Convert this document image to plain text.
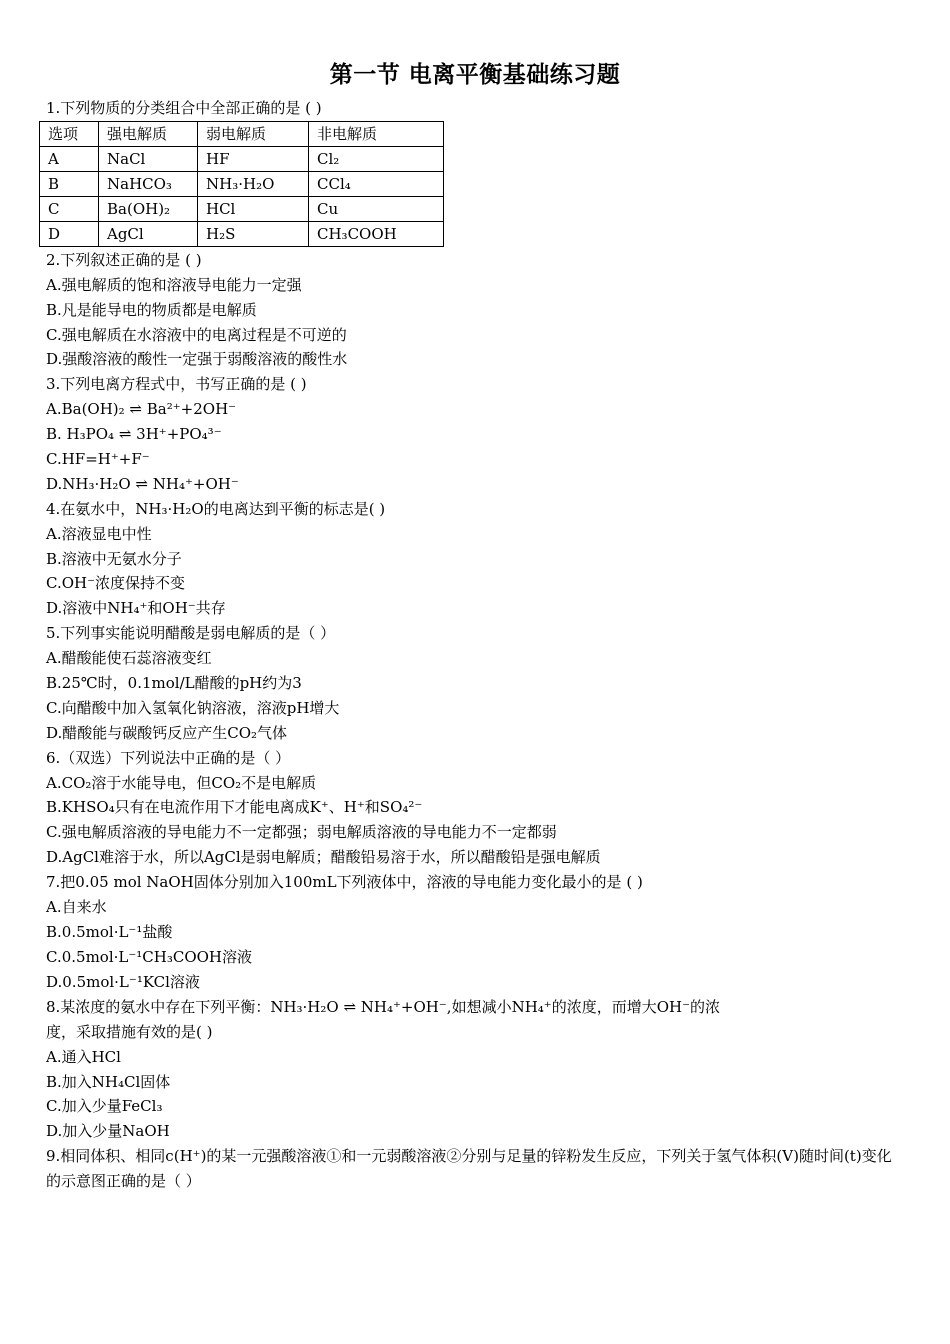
第一节 电离平衡基础练习题
1.下列物质的分类组合中全部正确的是 ( )
选项	强电解质	弱电解质	非电解质
A	NaCl	HF	Cl₂
B	NaHCO₃	NH₃·H₂O	CCl₄
C	Ba(OH)₂	HCl	Cu
D	AgCl	H₂S	CH₃COOH
2.下列叙述正确的是 ( )
A.强电解质的饱和溶液导电能力一定强
B.凡是能导电的物质都是电解质
C.强电解质在水溶液中的电离过程是不可逆的
D.强酸溶液的酸性一定强于弱酸溶液的酸性水
3.下列电离方程式中，书写正确的是 ( )
A.Ba(OH)₂ ⇌ Ba²⁺+2OH⁻
B. H₃PO₄ ⇌ 3H⁺+PO₄³⁻
C.HF=H⁺+F⁻
D.NH₃·H₂O ⇌ NH₄⁺+OH⁻
4.在氨水中，NH₃·H₂O的电离达到平衡的标志是( )
A.溶液显电中性
B.溶液中无氨水分子
C.OH⁻浓度保持不变
D.溶液中NH₄⁺和OH⁻共存
5.下列事实能说明醋酸是弱电解质的是（ ）
A.醋酸能使石蕊溶液变红
B.25℃时，0.1mol/L醋酸的pH约为3
C.向醋酸中加入氢氧化钠溶液，溶液pH增大
D.醋酸能与碳酸钙反应产生CO₂气体
6.（双选）下列说法中正确的是（ ）
A.CO₂溶于水能导电，但CO₂不是电解质
B.KHSO₄只有在电流作用下才能电离成K⁺、H⁺和SO₄²⁻
C.强电解质溶液的导电能力不一定都强；弱电解质溶液的导电能力不一定都弱
D.AgCl难溶于水，所以AgCl是弱电解质；醋酸铅易溶于水，所以醋酸铅是强电解质
7.把0.05 mol NaOH固体分别加入100mL下列液体中，溶液的导电能力变化最小的是 ( )
A.自来水
B.0.5mol·L⁻¹盐酸
C.0.5mol·L⁻¹CH₃COOH溶液
D.0.5mol·L⁻¹KCl溶液
8.某浓度的氨水中存在下列平衡：NH₃·H₂O ⇌ NH₄⁺+OH⁻,如想减小NH₄⁺的浓度，而增大OH⁻的浓度，采取措施有效的是( )
A.通入HCl
B.加入NH₄Cl固体
C.加入少量FeCl₃
D.加入少量NaOH
9.相同体积、相同c(H⁺)的某一元强酸溶液①和一元弱酸溶液②分别与足量的锌粉发生反应，下列关于氢气体积(V)随时间(t)变化的示意图正确的是（ ）
